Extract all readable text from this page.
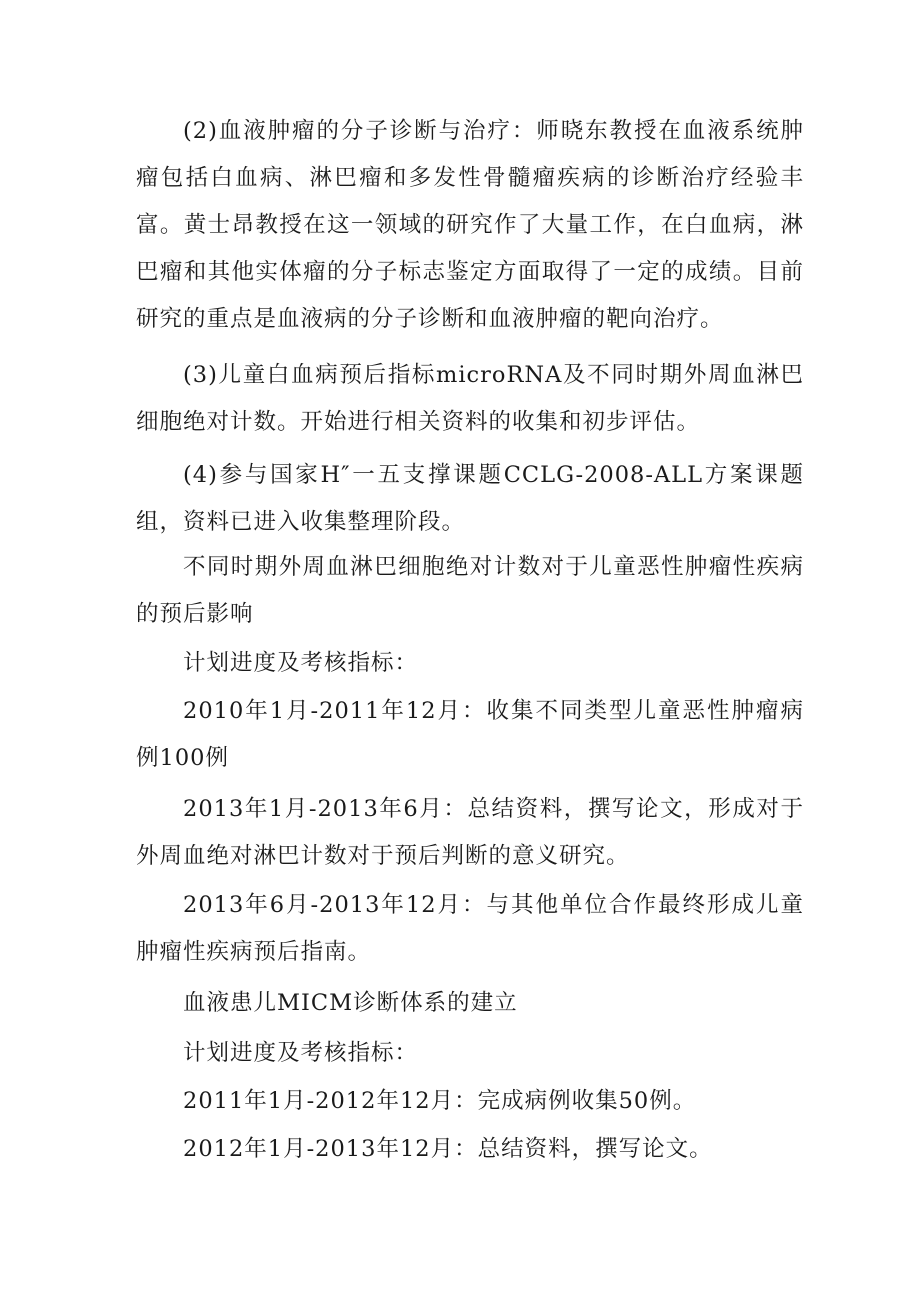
(2)血液肿瘤的分子诊断与治疗：师晓东教授在血液系统肿瘤包括白血病、淋巴瘤和多发性骨髓瘤疾病的诊断治疗经验丰富。黄士昂教授在这一领域的研究作了大量工作，在白血病，淋巴瘤和其他实体瘤的分子标志鉴定方面取得了一定的成绩。目前研究的重点是血液病的分子诊断和血液肿瘤的靶向治疗。

(3)儿童白血病预后指标microRNA及不同时期外周血淋巴细胞绝对计数。开始进行相关资料的收集和初步评估。

(4)参与国家H″一五支撑课题CCLG-2008-ALL方案课题组，资料已进入收集整理阶段。

不同时期外周血淋巴细胞绝对计数对于儿童恶性肿瘤性疾病的预后影响

计划进度及考核指标：

2010年1月-2011年12月：收集不同类型儿童恶性肿瘤病例100例

2013年1月-2013年6月：总结资料，撰写论文，形成对于外周血绝对淋巴计数对于预后判断的意义研究。

2013年6月-2013年12月：与其他单位合作最终形成儿童肿瘤性疾病预后指南。

血液患儿MICM诊断体系的建立

计划进度及考核指标：

2011年1月-2012年12月：完成病例收集50例。

2012年1月-2013年12月：总结资料，撰写论文。
